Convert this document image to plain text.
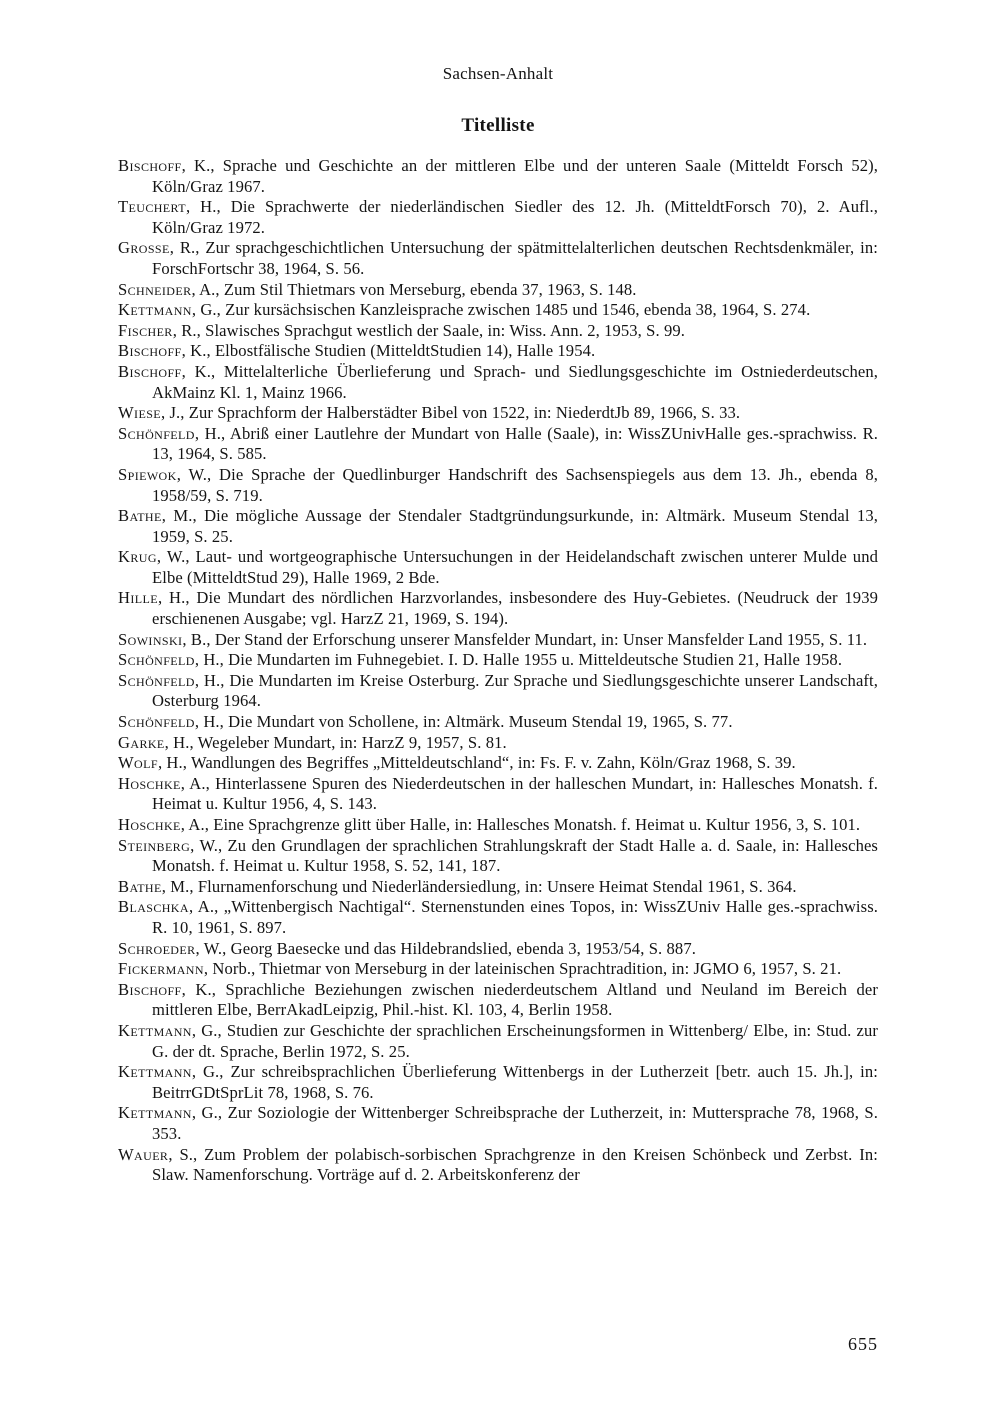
Sachsen-Anhalt
Titelliste
Bischoff, K., Sprache und Geschichte an der mittleren Elbe und der unteren Saale (Mitteldt Forsch 52), Köln/Graz 1967.
Teuchert, H., Die Sprachwerte der niederländischen Siedler des 12. Jh. (MitteldtForsch 70), 2. Aufl., Köln/Graz 1972.
Grosse, R., Zur sprachgeschichtlichen Untersuchung der spätmittelalterlichen deutschen Rechtsdenkmäler, in: ForschFortschr 38, 1964, S. 56.
Schneider, A., Zum Stil Thietmars von Merseburg, ebenda 37, 1963, S. 148.
Kettmann, G., Zur kursächsischen Kanzleisprache zwischen 1485 und 1546, ebenda 38, 1964, S. 274.
Fischer, R., Slawisches Sprachgut westlich der Saale, in: Wiss. Ann. 2, 1953, S. 99.
Bischoff, K., Elbostfälische Studien (MitteldtStudien 14), Halle 1954.
Bischoff, K., Mittelalterliche Überlieferung und Sprach- und Siedlungsgeschichte im Ostniederdeutschen, AkMainz Kl. 1, Mainz 1966.
Wiese, J., Zur Sprachform der Halberstädter Bibel von 1522, in: NiederdtJb 89, 1966, S. 33.
Schönfeld, H., Abriß einer Lautlehre der Mundart von Halle (Saale), in: WissZUnivHalle ges.-sprachwiss. R. 13, 1964, S. 585.
Spiewok, W., Die Sprache der Quedlinburger Handschrift des Sachsenspiegels aus dem 13. Jh., ebenda 8, 1958/59, S. 719.
Bathe, M., Die mögliche Aussage der Stendaler Stadtgründungsurkunde, in: Altmärk. Museum Stendal 13, 1959, S. 25.
Krug, W., Laut- und wortgeographische Untersuchungen in der Heidelandschaft zwischen unterer Mulde und Elbe (MitteldtStud 29), Halle 1969, 2 Bde.
Hille, H., Die Mundart des nördlichen Harzvorlandes, insbesondere des Huy-Gebietes. (Neudruck der 1939 erschienenen Ausgabe; vgl. HarzZ 21, 1969, S. 194).
Sowinski, B., Der Stand der Erforschung unserer Mansfelder Mundart, in: Unser Mansfelder Land 1955, S. 11.
Schönfeld, H., Die Mundarten im Fuhnegebiet. I. D. Halle 1955 u. Mitteldeutsche Studien 21, Halle 1958.
Schönfeld, H., Die Mundarten im Kreise Osterburg. Zur Sprache und Siedlungsgeschichte unserer Landschaft, Osterburg 1964.
Schönfeld, H., Die Mundart von Schollene, in: Altmärk. Museum Stendal 19, 1965, S. 77.
Garke, H., Wegeleber Mundart, in: HarzZ 9, 1957, S. 81.
Wolf, H., Wandlungen des Begriffes „Mitteldeutschland“, in: Fs. F. v. Zahn, Köln/Graz 1968, S. 39.
Hoschke, A., Hinterlassene Spuren des Niederdeutschen in der halleschen Mundart, in: Hallesches Monatsh. f. Heimat u. Kultur 1956, 4, S. 143.
Hoschke, A., Eine Sprachgrenze glitt über Halle, in: Hallesches Monatsh. f. Heimat u. Kultur 1956, 3, S. 101.
Steinberg, W., Zu den Grundlagen der sprachlichen Strahlungskraft der Stadt Halle a. d. Saale, in: Hallesches Monatsh. f. Heimat u. Kultur 1958, S. 52, 141, 187.
Bathe, M., Flurnamenforschung und Niederländersiedlung, in: Unsere Heimat Stendal 1961, S. 364.
Blaschka, A., „Wittenbergisch Nachtigal“. Sternenstunden eines Topos, in: WissZUniv Halle ges.-sprachwiss. R. 10, 1961, S. 897.
Schroeder, W., Georg Baesecke und das Hildebrandslied, ebenda 3, 1953/54, S. 887.
Fickermann, Norb., Thietmar von Merseburg in der lateinischen Sprachtradition, in: JGMO 6, 1957, S. 21.
Bischoff, K., Sprachliche Beziehungen zwischen niederdeutschem Altland und Neuland im Bereich der mittleren Elbe, BerrAkadLeipzig, Phil.-hist. Kl. 103, 4, Berlin 1958.
Kettmann, G., Studien zur Geschichte der sprachlichen Erscheinungsformen in Wittenberg/ Elbe, in: Stud. zur G. der dt. Sprache, Berlin 1972, S. 25.
Kettmann, G., Zur schreibsprachlichen Überlieferung Wittenbergs in der Lutherzeit [betr. auch 15. Jh.], in: BeitrrGDtSprLit 78, 1968, S. 76.
Kettmann, G., Zur Soziologie der Wittenberger Schreibsprache der Lutherzeit, in: Muttersprache 78, 1968, S. 353.
Wauer, S., Zum Problem der polabisch-sorbischen Sprachgrenze in den Kreisen Schönbeck und Zerbst. In: Slaw. Namenforschung. Vorträge auf d. 2. Arbeitskonferenz der
655
